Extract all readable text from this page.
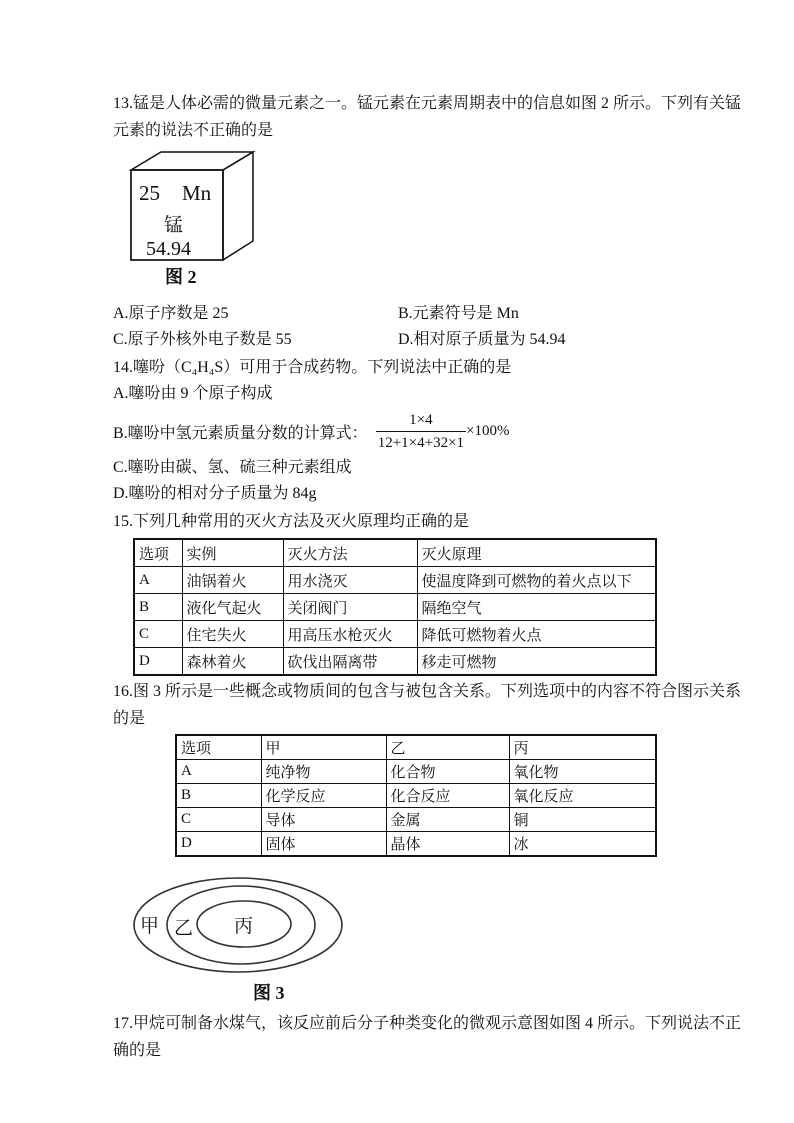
13.锰是人体必需的微量元素之一。锰元素在元素周期表中的信息如图 2 所示。下列有关锰
元素的说法不正确的是
25 Mn
锰
54.94
图 2
A.原子序数是 25	B.元素符号是 Mn
C.原子外核外电子数是 55	D.相对原子质量为 54.94
14.噻吩（C₄H₄S）可用于合成药物。下列说法中正确的是
A.噻吩由 9 个原子构成
B.噻吩中氢元素质量分数的计算式： $\frac{1\times 4}{12+1\times 4+32\times 1} \times 100\%$
C.噻吩由碳、氢、硫三种元素组成
D.噻吩的相对分子质量为 84g
15.下列几种常用的灭火方法及灭火原理均正确的是
选项	实例	灭火方法	灭火原理
A	油锅着火	用水浇灭	使温度降到可燃物的着火点以下
B	液化气起火	关闭阀门	隔绝空气
C	住宅失火	用高压水枪灭火	降低可燃物着火点
D	森林着火	砍伐出隔离带	移走可燃物
16.图 3 所示是一些概念或物质间的包含与被包含关系。下列选项中的内容不符合图示关系
的是
选项	甲	乙	丙
A	纯净物	化合物	氧化物
B	化学反应	化合反应	氧化反应
C	导体	金属	铜
D	固体	晶体	冰
甲 乙 丙
图 3
17.甲烷可制备水煤气，该反应前后分子种类变化的微观示意图如图 4 所示。下列说法不正
确的是
